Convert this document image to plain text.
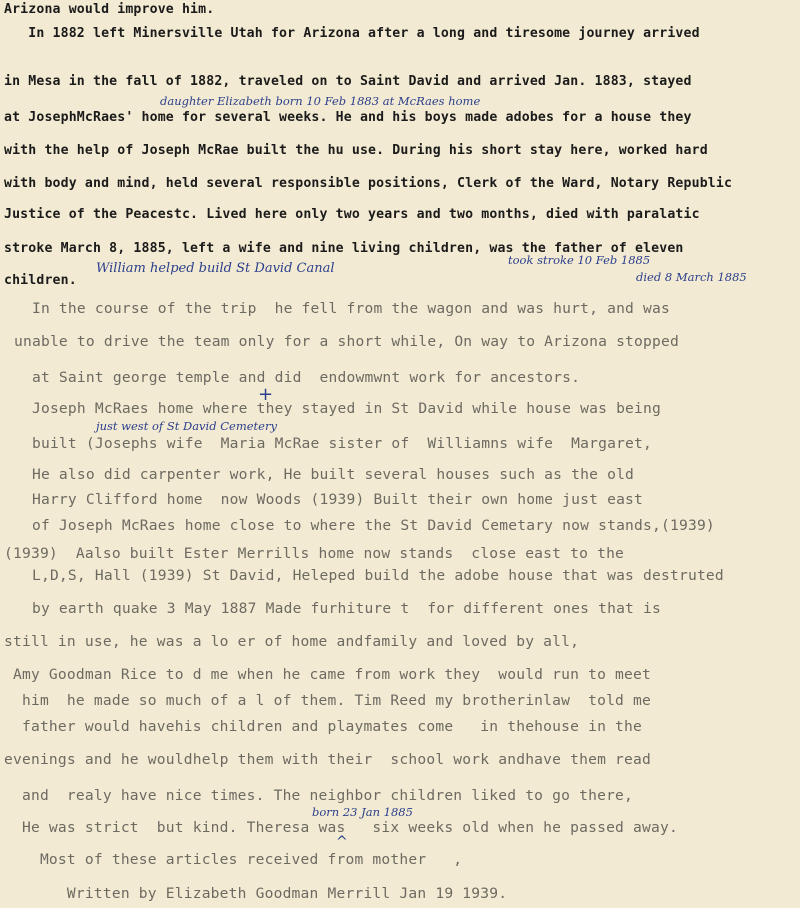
Arizona would improve him.
In 1882 left Minersville Utah for Arizona after a long and tiresome journey arrived
in Mesa in the fall of 1882, traveled on to Saint David and arrived Jan. 1883, stayed
at JosephMcRaes' home for several weeks. He and his boys made adobes for a house they
with the help of Joseph McRae built the hu use. During his short stay here, worked hard
with body and mind, held several responsible positions, Clerk of the Ward, Notary Republic
Justice of the Peacestc. Lived here only two years and two months, died with paralatic
stroke March 8, 1885, left a wife and nine living children, was the father of eleven
children.
In the course of the trip  he fell from the wagon and was hurt, and was
unable to drive the team only for a short while, On way to Arizona stopped
at Saint george temple and did  endowmwnt work for ancestors.
Joseph McRaes home where they stayed in St David while house was being
built (Josephs wife  Maria McRae sister of  Williamns wife  Margaret,
He also did carpenter work, He built several houses such as the old
Harry Clifford home  now Woods (1939) Built their own home just east
of Joseph McRaes home close to where the St David Cemetary now stands,(1939)
(1939)  Aalso built Ester Merrills home now stands  close east to the
L,D,S, Hall (1939) St David, Heleped build the adobe house that was destruted
by earth quake 3 May 1887 Made furhiture t  for different ones that is
still in use, he was a lo er of home andfamily and loved by all,
Amy Goodman Rice to d me when he came from work they  would run to meet
him  he made so much of a l of them. Tim Reed my brotherinlaw  told me
father would havehis children and playmates come   in thehouse in the
evenings and he wouldhelp them with their  school work andhave them read
and  realy have nice times. The neighbor children liked to go there,
He was strict  but kind. Theresa was   six weeks old when he passed away.
Most of these articles received from mother   ,
Written by Elizabeth Goodman Merrill Jan 19 1939.
daughter Elizabeth born 10 Feb 1883 at McRaes home
William helped build St David Canal
took stroke 10 Feb 1885
died 8 March 1885
just west of St David Cemetery
born 23 Jan 1885
+
^
